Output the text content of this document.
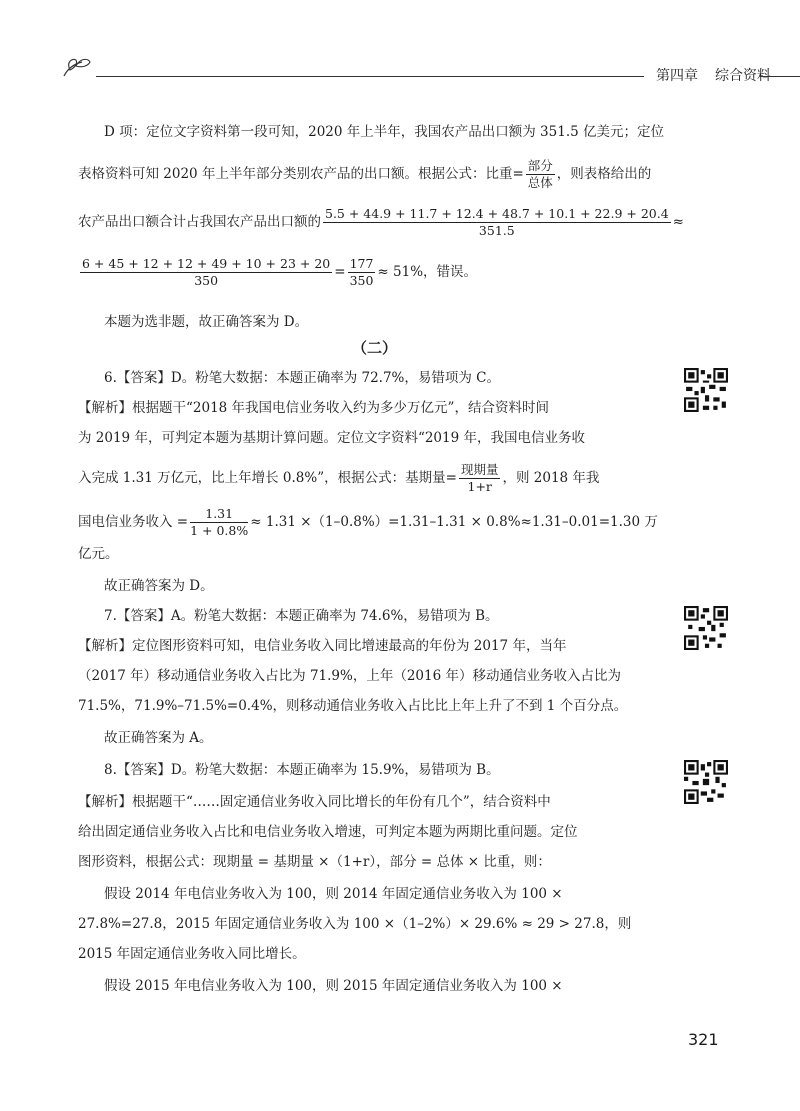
第四章 综合资料
D 项：定位文字资料第一段可知，2020 年上半年，我国农产品出口额为 351.5 亿美元；定位
表格资料可知 2020 年上半年部分类别农产品的出口额。根据公式：比重= $\frac{\text{部分}}{\text{总体}}$ ，则表格给出的
农产品出口额合计占我国农产品出口额的 $\frac{5.5 + 44.9 + 11.7 + 12.4 + 48.7 + 10.1 + 22.9 + 20.4}{351.5}$ ≈
$\frac{6 + 45 + 12 + 12 + 49 + 10 + 23 + 20}{350} = \frac{177}{350} \approx 51\%$，错误。
本题为选非题，故正确答案为 D。
（二）
6.【答案】D。粉笔大数据：本题正确率为 72.7%，易错项为 C。
【解析】根据题干“2018 年我国电信业务收入约为多少万亿元”，结合资料时间
为 2019 年，可判定本题为基期计算问题。定位文字资料“2019 年，我国电信业务收
入完成 1.31 万亿元，比上年增长 0.8%”，根据公式：基期量= $\frac{\text{现期量}}{1+r}$ ，则 2018 年我
国电信业务收入 = $\frac{1.31}{1 + 0.8\%} \approx 1.31 \times(1-0.8\%)=1.31-1.31 \times 0.8\%\approx 1.31-0.01=1.30$ 万
亿元。
故正确答案为 D。
7.【答案】A。粉笔大数据：本题正确率为 74.6%，易错项为 B。
【解析】定位图形资料可知，电信业务收入同比增速最高的年份为 2017 年，当年
（2017 年）移动通信业务收入占比为 71.9%，上年（2016 年）移动通信业务收入占比为
71.5%，71.9%–71.5%=0.4%，则移动通信业务收入占比比上年上升了不到 1 个百分点。
故正确答案为 A。
8.【答案】D。粉笔大数据：本题正确率为 15.9%，易错项为 B。
【解析】根据题干“……固定通信业务收入同比增长的年份有几个”，结合资料中
给出固定通信业务收入占比和电信业务收入增速，可判定本题为两期比重问题。定位
图形资料，根据公式：现期量 = 基期量 ×（1+r），部分 = 总体 × 比重，则：
假设 2014 年电信业务收入为 100，则 2014 年固定通信业务收入为 100 ×
27.8%=27.8，2015 年固定通信业务收入为 100 ×（1–2%）× 29.6% ≈ 29 > 27.8，则
2015 年固定通信业务收入同比增长。
假设 2015 年电信业务收入为 100，则 2015 年固定通信业务收入为 100 ×
321
